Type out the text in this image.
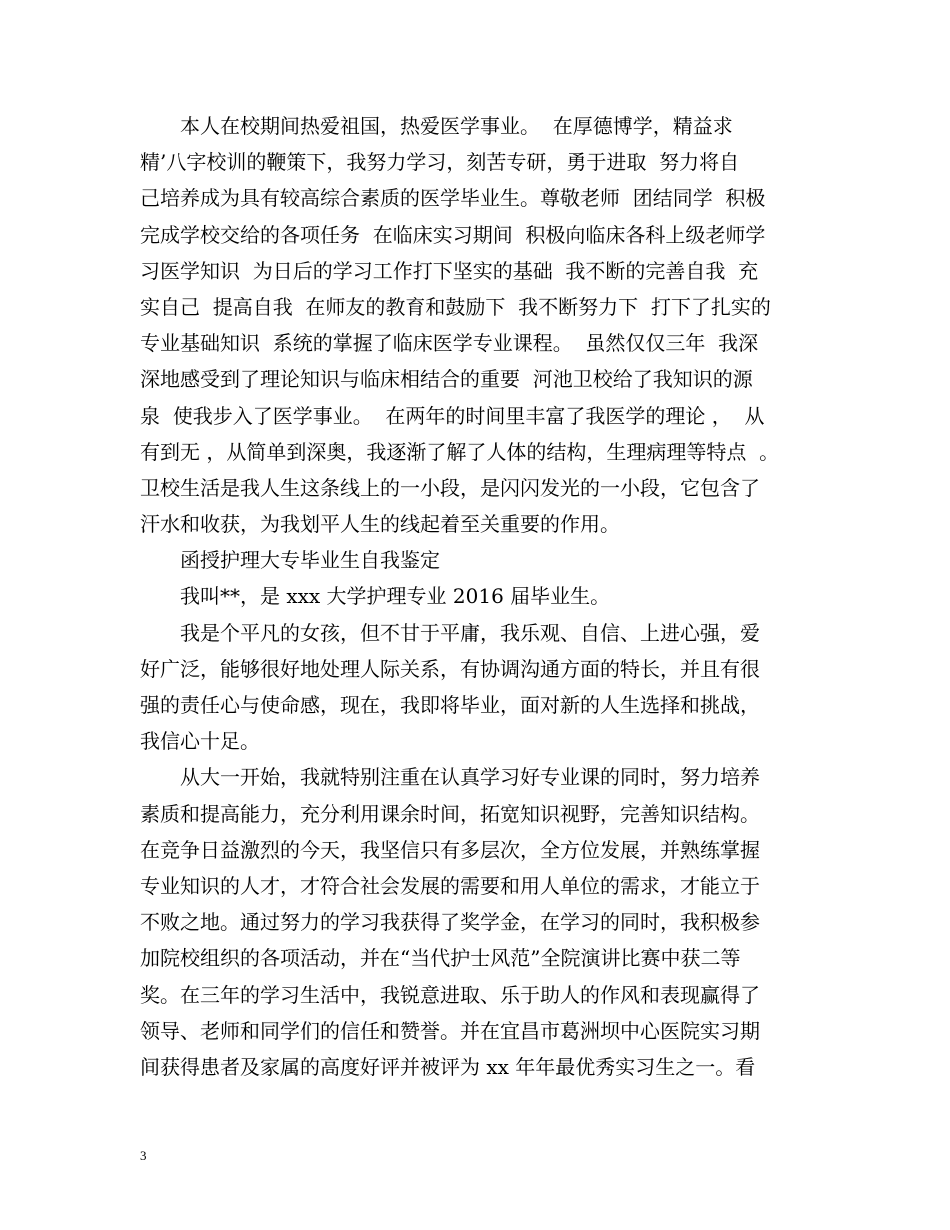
　　本人在校期间热爱祖国，热爱医学事业。  在厚德博学，精益求
精’八字校训的鞭策下，我努力学习，刻苦专研，勇于进取  努力将自
己培养成为具有较高综合素质的医学毕业生。尊敬老师  团结同学  积极
完成学校交给的各项任务  在临床实习期间  积极向临床各科上级老师学
习医学知识  为日后的学习工作打下坚实的基础  我不断的完善自我  充
实自己  提高自我  在师友的教育和鼓励下  我不断努力下  打下了扎实的
专业基础知识  系统的掌握了临床医学专业课程。  虽然仅仅三年  我深
深地感受到了理论知识与临床相结合的重要  河池卫校给了我知识的源
泉  使我步入了医学事业。  在两年的时间里丰富了我医学的理论 ，  从
有到无 ，从简单到深奥，我逐渐了解了人体的结构，生理病理等特点  。
卫校生活是我人生这条线上的一小段，是闪闪发光的一小段，它包含了
汗水和收获，为我划平人生的线起着至关重要的作用。
　　函授护理大专毕业生自我鉴定
　　我叫**，是 xxx 大学护理专业 2016 届毕业生。
　　我是个平凡的女孩，但不甘于平庸，我乐观、自信、上进心强，爱
好广泛，能够很好地处理人际关系，有协调沟通方面的特长，并且有很
强的责任心与使命感，现在，我即将毕业，面对新的人生选择和挑战，
我信心十足。
　　从大一开始，我就特别注重在认真学习好专业课的同时，努力培养
素质和提高能力，充分利用课余时间，拓宽知识视野，完善知识结构。
在竞争日益激烈的今天，我坚信只有多层次，全方位发展，并熟练掌握
专业知识的人才，才符合社会发展的需要和用人单位的需求，才能立于
不败之地。通过努力的学习我获得了奖学金，在学习的同时，我积极参
加院校组织的各项活动，并在“当代护士风范”全院演讲比赛中获二等
奖。在三年的学习生活中，我锐意进取、乐于助人的作风和表现赢得了
领导、老师和同学们的信任和赞誉。并在宜昌市葛洲坝中心医院实习期
间获得患者及家属的高度好评并被评为 xx 年年最优秀实习生之一。看
3
